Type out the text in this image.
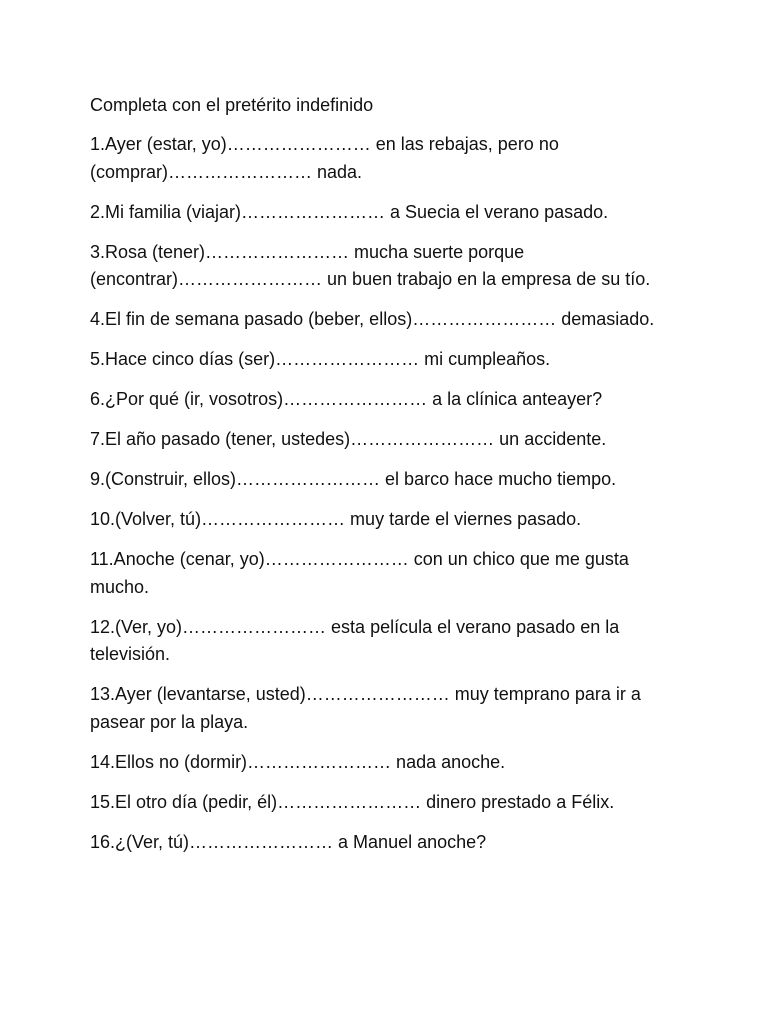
Completa con el pretérito indefinido
1.Ayer (estar, yo)…………………… en las rebajas, pero no (comprar)…………………… nada.
2.Mi familia (viajar)…………………… a Suecia el verano pasado.
3.Rosa (tener)…………………… mucha suerte porque (encontrar)…………………… un buen trabajo en la empresa de su tío.
4.El fin de semana pasado (beber, ellos)…………………… demasiado.
5.Hace cinco días (ser)…………………… mi cumpleaños.
6.¿Por qué (ir, vosotros)…………………… a la clínica anteayer?
7.El año pasado (tener, ustedes)…………………… un accidente.
9.(Construir, ellos)…………………… el barco hace mucho tiempo.
10.(Volver, tú)…………………… muy tarde el viernes pasado.
11.Anoche (cenar, yo)…………………… con un chico que me gusta mucho.
12.(Ver, yo)…………………… esta película el verano pasado en la televisión.
13.Ayer (levantarse, usted)…………………… muy temprano para ir a pasear por la playa.
14.Ellos no (dormir)…………………… nada anoche.
15.El otro día (pedir, él)…………………… dinero prestado a Félix.
16.¿(Ver, tú)…………………… a Manuel anoche?
